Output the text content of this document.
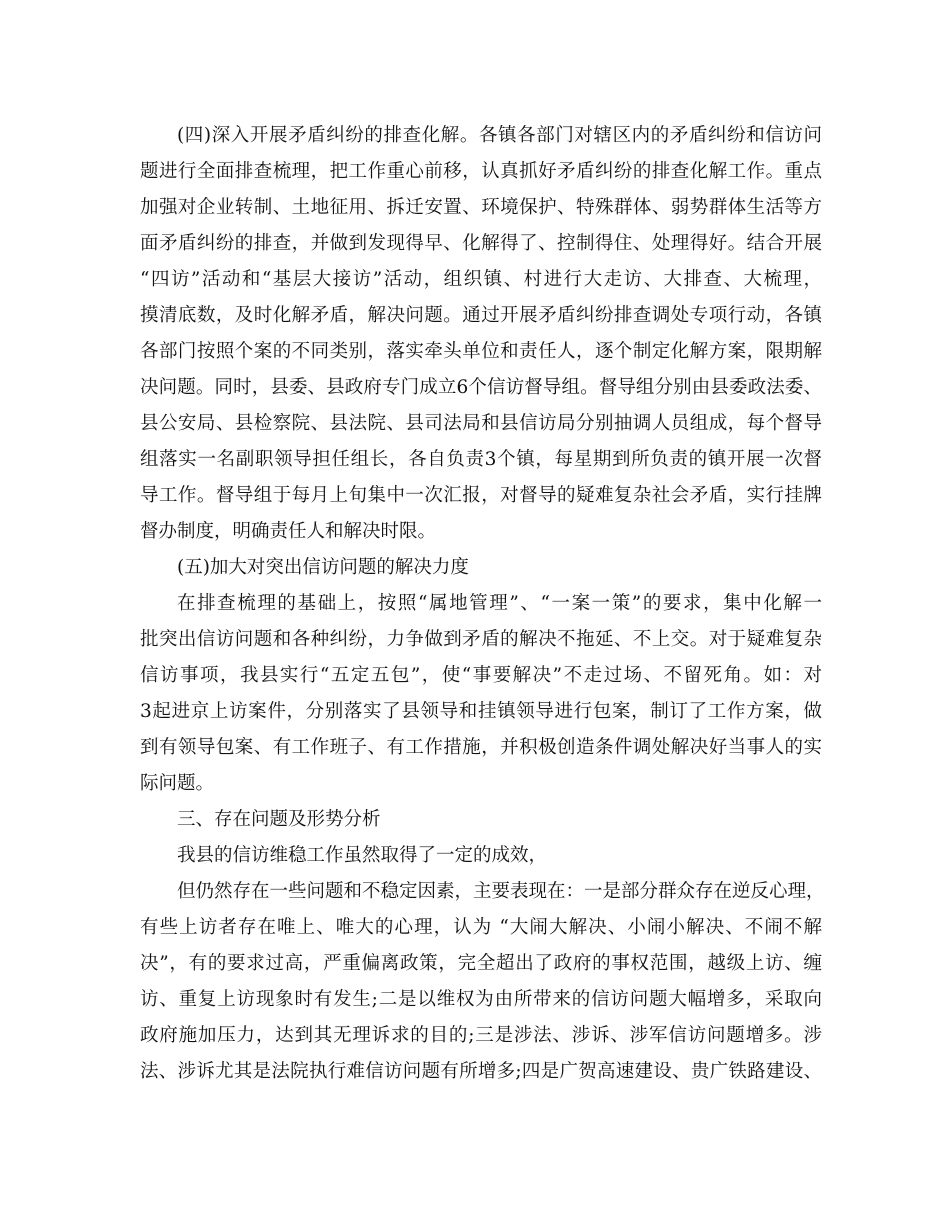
(四)深入开展矛盾纠纷的排查化解。各镇各部门对辖区内的矛盾纠纷和信访问
题进行全面排查梳理，把工作重心前移，认真抓好矛盾纠纷的排查化解工作。重点
加强对企业转制、土地征用、拆迁安置、环境保护、特殊群体、弱势群体生活等方
面矛盾纠纷的排查，并做到发现得早、化解得了、控制得住、处理得好。结合开展
“四访”活动和“基层大接访”活动，组织镇、村进行大走访、大排查、大梳理，
摸清底数，及时化解矛盾，解决问题。通过开展矛盾纠纷排查调处专项行动，各镇
各部门按照个案的不同类别，落实牵头单位和责任人，逐个制定化解方案，限期解
决问题。同时，县委、县政府专门成立6个信访督导组。督导组分别由县委政法委、
县公安局、县检察院、县法院、县司法局和县信访局分别抽调人员组成，每个督导
组落实一名副职领导担任组长，各自负责3个镇，每星期到所负责的镇开展一次督
导工作。督导组于每月上旬集中一次汇报，对督导的疑难复杂社会矛盾，实行挂牌
督办制度，明确责任人和解决时限。
(五)加大对突出信访问题的解决力度
在排查梳理的基础上，按照“属地管理”、“一案一策”的要求，集中化解一
批突出信访问题和各种纠纷，力争做到矛盾的解决不拖延、不上交。对于疑难复杂
信访事项，我县实行“五定五包”，使“事要解决”不走过场、不留死角。如：对
3起进京上访案件，分别落实了县领导和挂镇领导进行包案，制订了工作方案，做
到有领导包案、有工作班子、有工作措施，并积极创造条件调处解决好当事人的实
际问题。
三、存在问题及形势分析
我县的信访维稳工作虽然取得了一定的成效，
但仍然存在一些问题和不稳定因素，主要表现在：一是部分群众存在逆反心理，
有些上访者存在唯上、唯大的心理，认为 “大闹大解决、小闹小解决、不闹不解
决”，有的要求过高，严重偏离政策，完全超出了政府的事权范围，越级上访、缠
访、重复上访现象时有发生;二是以维权为由所带来的信访问题大幅增多，采取向
政府施加压力，达到其无理诉求的目的;三是涉法、涉诉、涉军信访问题增多。涉
法、涉诉尤其是法院执行难信访问题有所增多;四是广贺高速建设、贵广铁路建设、
